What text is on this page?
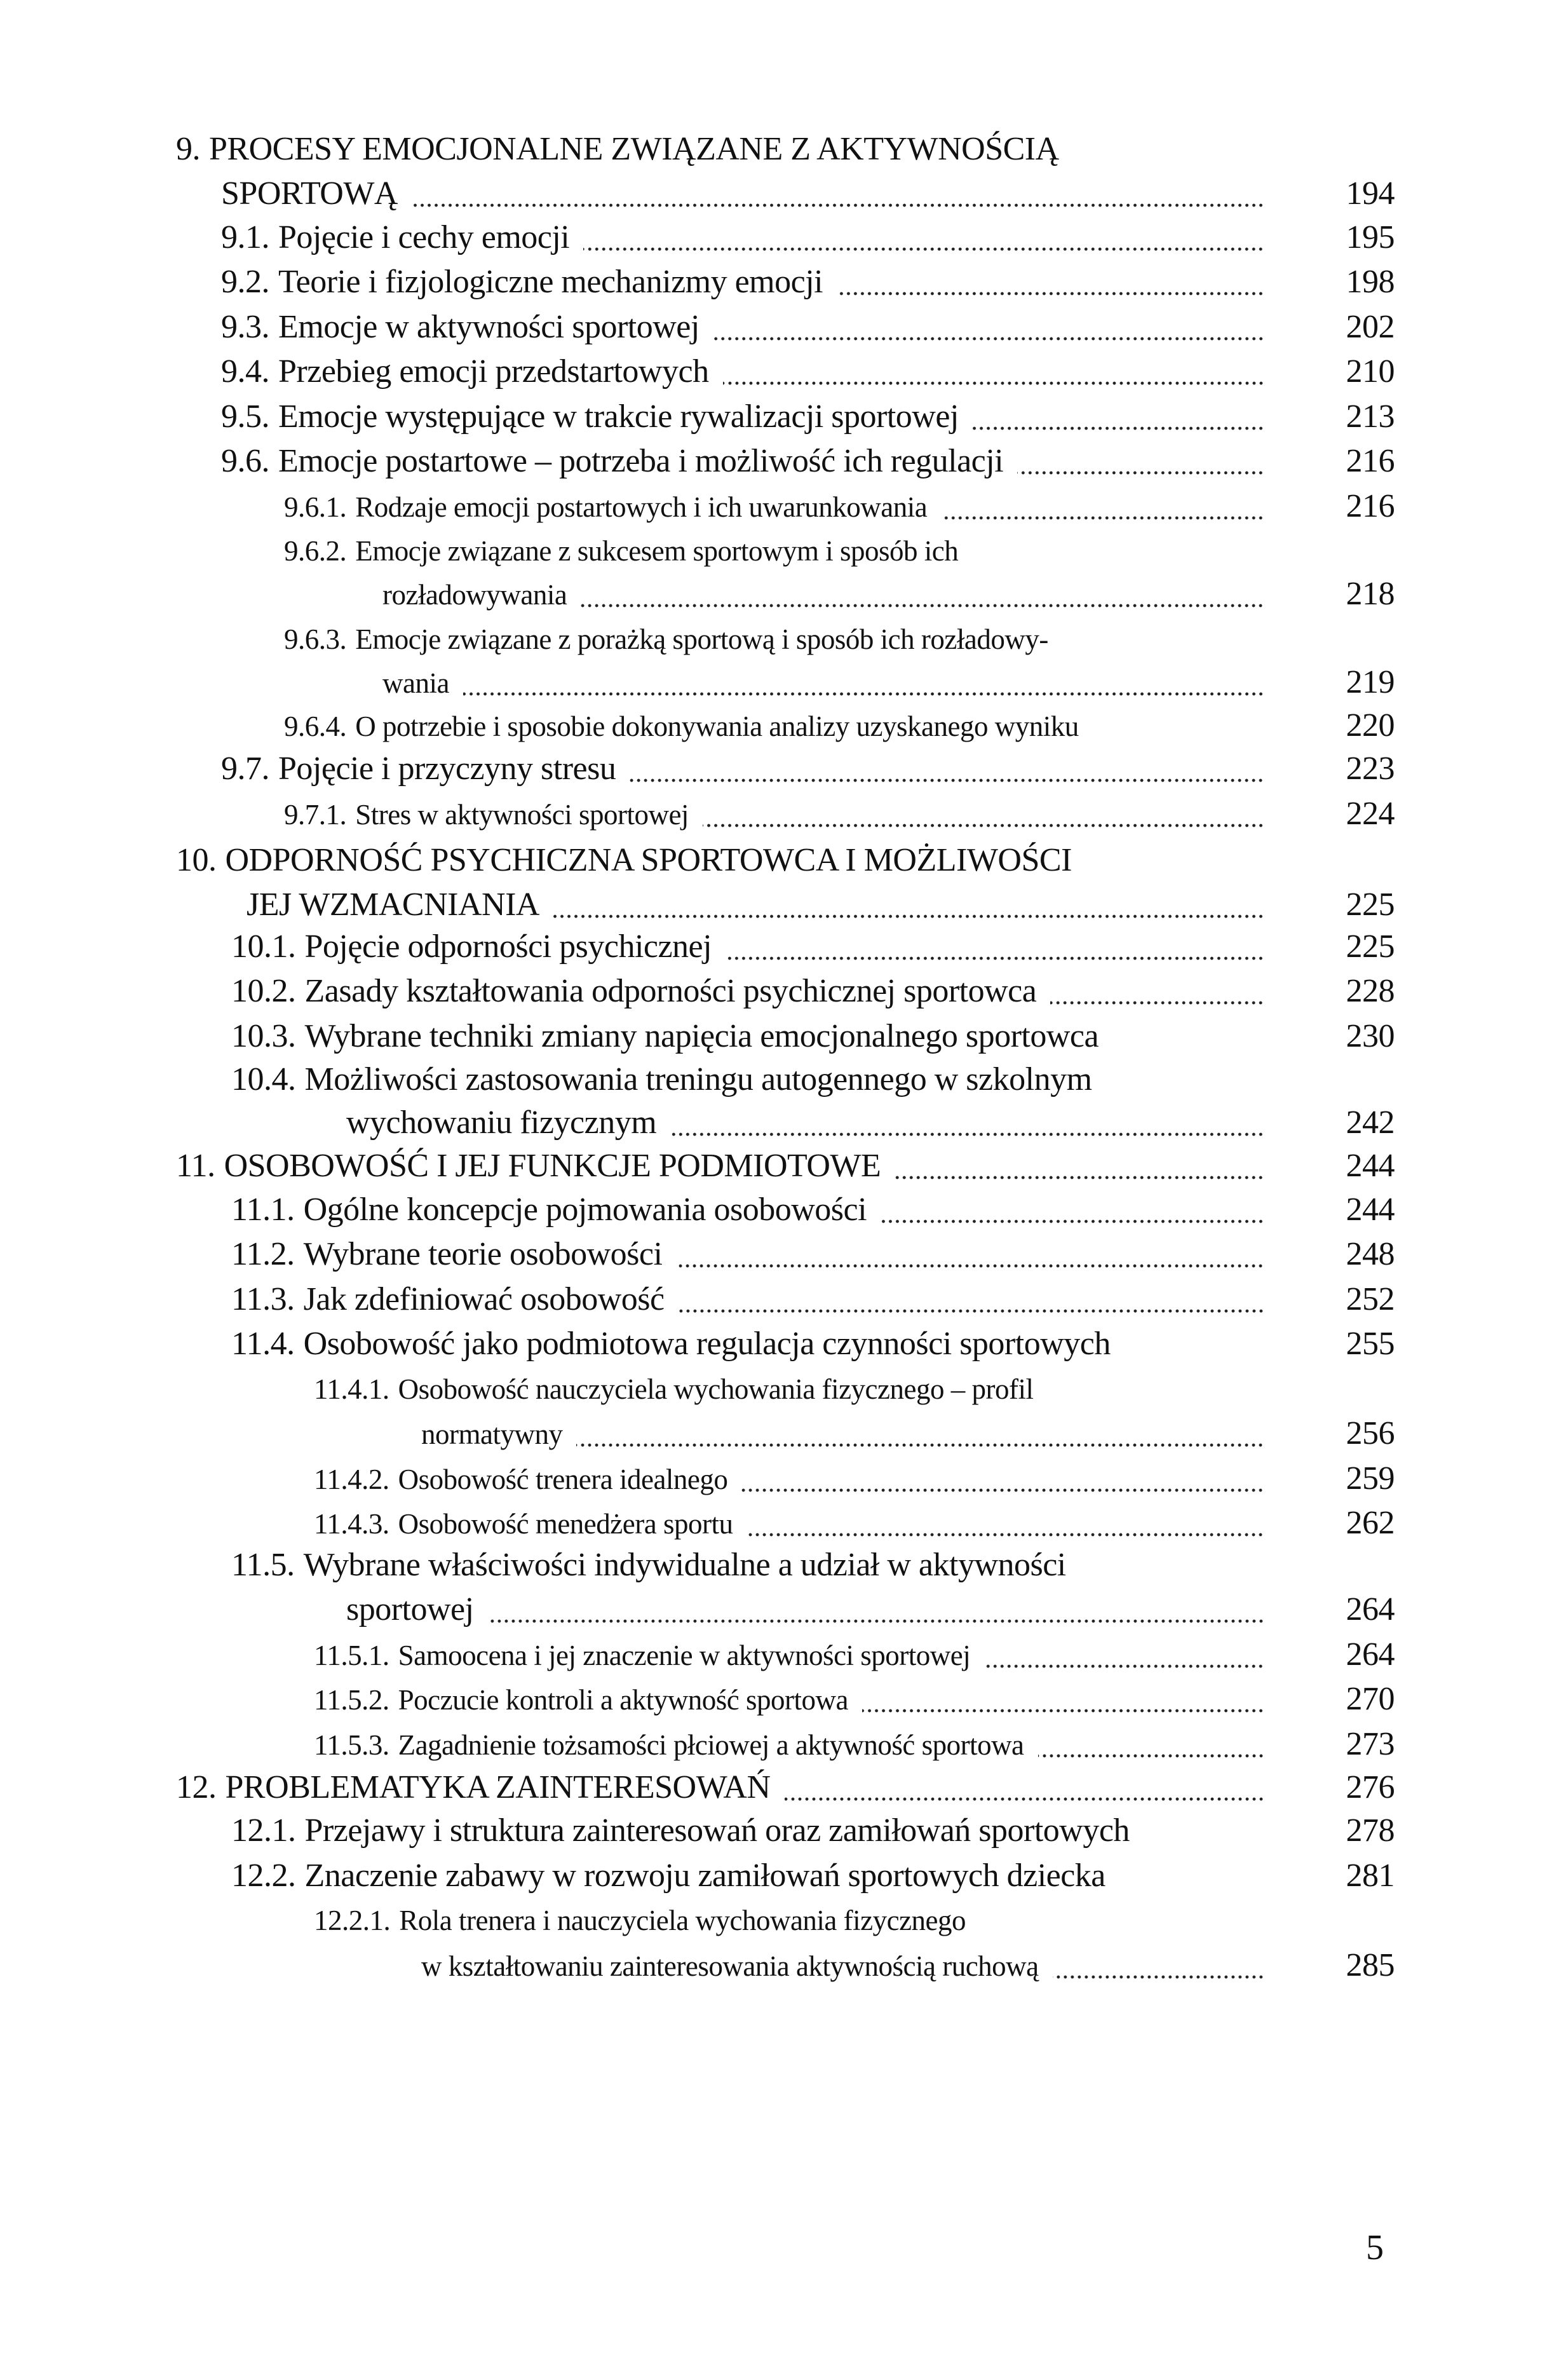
9. PROCESY EMOCJONALNE ZWIĄZANE Z AKTYWNOŚCIĄ
SPORTOWĄ	194
9.1. Pojęcie i cechy emocji	195
9.2. Teorie i fizjologiczne mechanizmy emocji	198
9.3. Emocje w aktywności sportowej	202
9.4. Przebieg emocji przedstartowych	210
9.5. Emocje występujące w trakcie rywalizacji sportowej	213
9.6. Emocje postartowe – potrzeba i możliwość ich regulacji	216
9.6.1. Rodzaje emocji postartowych i ich uwarunkowania	216
9.6.2. Emocje związane z sukcesem sportowym i sposób ich
rozładowywania	218
9.6.3. Emocje związane z porażką sportową i sposób ich rozładowy-
wania	219
9.6.4. O potrzebie i sposobie dokonywania analizy uzyskanego wyniku	220
9.7. Pojęcie i przyczyny stresu	223
9.7.1. Stres w aktywności sportowej	224
10. ODPORNOŚĆ PSYCHICZNA SPORTOWCA I MOŻLIWOŚCI
JEJ WZMACNIANIA	225
10.1. Pojęcie odporności psychicznej	225
10.2. Zasady kształtowania odporności psychicznej sportowca	228
10.3. Wybrane techniki zmiany napięcia emocjonalnego sportowca	230
10.4. Możliwości zastosowania treningu autogennego w szkolnym
wychowaniu fizycznym	242
11. OSOBOWOŚĆ I JEJ FUNKCJE PODMIOTOWE	244
11.1. Ogólne koncepcje pojmowania osobowości	244
11.2. Wybrane teorie osobowości	248
11.3. Jak zdefiniować osobowość	252
11.4. Osobowość jako podmiotowa regulacja czynności sportowych	255
11.4.1. Osobowość nauczyciela wychowania fizycznego – profil
normatywny	256
11.4.2. Osobowość trenera idealnego	259
11.4.3. Osobowość menedżera sportu	262
11.5. Wybrane właściwości indywidualne a udział w aktywności
sportowej	264
11.5.1. Samoocena i jej znaczenie w aktywności sportowej	264
11.5.2. Poczucie kontroli a aktywność sportowa	270
11.5.3. Zagadnienie tożsamości płciowej a aktywność sportowa	273
12. PROBLEMATYKA ZAINTERESOWAŃ	276
12.1. Przejawy i struktura zainteresowań oraz zamiłowań sportowych	278
12.2. Znaczenie zabawy w rozwoju zamiłowań sportowych dziecka	281
12.2.1. Rola trenera i nauczyciela wychowania fizycznego
w kształtowaniu zainteresowania aktywnością ruchową	285
5
